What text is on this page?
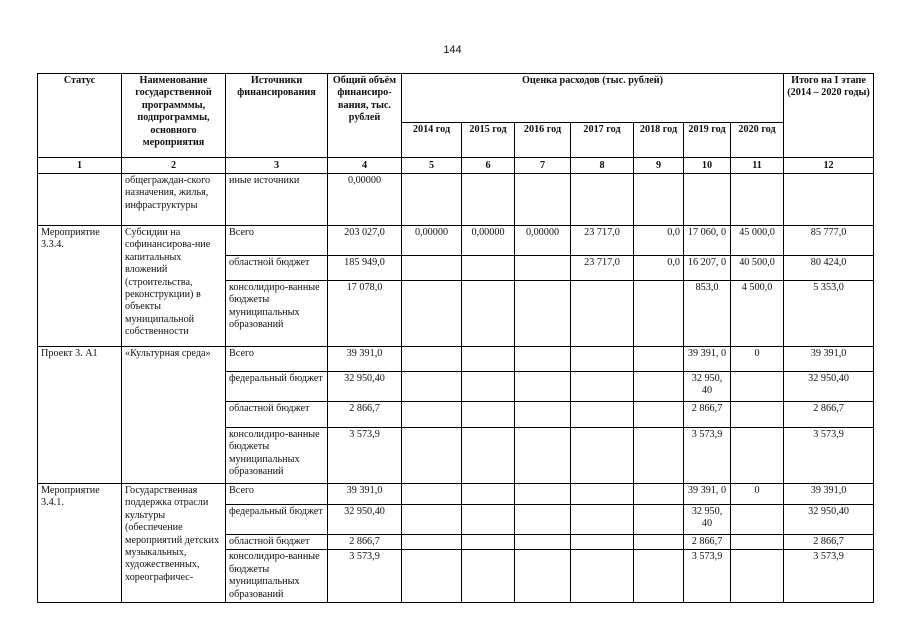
144
Статус	Наименование государственной программмы, подпрограммы, основного мероприятия	Источники финансирования	Общий объём финансиро-вания, тыс. рублей	Оценка расходов (тыс. рублей)							Итого на I этапе (2014 – 2020 годы)
				2014 год	2015 год	2016 год	2017 год	2018 год	2019 год	2020 год	
1	2	3	4	5	6	7	8	9	10	11	12
	общеграждан-ского назначения, жилья, инфраструктуры	иные источники	0,00000								
Мероприятие 3.3.4.	Субсидии на софинансирова-ние капитальных вложений (строительства, реконструкции) в объекты муниципальной собственности	Всего	203 027,0	0,00000	0,00000	0,00000	23 717,0	0,0	17 060, 0	45 000,0	85 777,0
		областной бюджет	185 949,0				23 717,0	0,0	16 207, 0	40 500,0	80 424,0
		консолидиро-ванные бюджеты муниципальных образований	17 078,0						853,0	4 500,0	5 353,0
Проект 3. А1	«Культурная среда»	Всего	39 391,0						39 391, 0	0	39 391,0
		федеральный бюджет	32 950,40						32 950, 40		32 950,40
		областной бюджет	2 866,7						2 866,7		2 866,7
		консолидиро-ванные бюджеты муниципальных образований	3 573,9						3 573,9		3 573,9
Мероприятие 3.4.1.	Государственная поддержка отрасли культуры (обеспечение мероприятий детских музыкальных, художественных, хореографичес-	Всего	39 391,0						39 391, 0	0	39 391,0
		федеральный бюджет	32 950,40						32 950, 40		32 950,40
		областной бюджет	2 866,7						2 866,7		2 866,7
		консолидиро-ванные бюджеты муниципальных образований	3 573,9						3 573,9		3 573,9
